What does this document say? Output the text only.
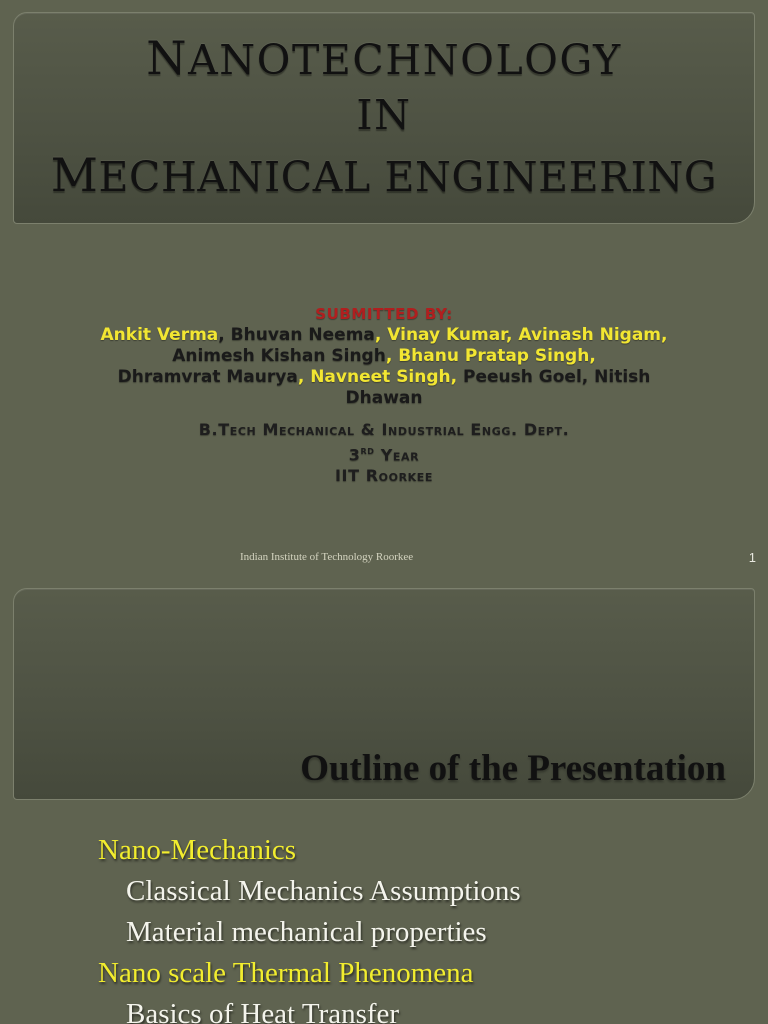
NANOTECHNOLOGY
IN
MECHANICAL ENGINEERING
SUBMITTED BY:
Ankit Verma, Bhuvan Neema, Vinay Kumar, Avinash Nigam, Animesh Kishan Singh, Bhanu Pratap Singh,
Dhramvrat Maurya, Navneet Singh, Peeush Goel, Nitish Dhawan
B.Tech Mechanical & Industrial Engg. Dept.
3rd Year
IIT Roorkee
Indian Institute of Technology Roorkee	1
Outline of the Presentation
Nano-Mechanics
Classical Mechanics Assumptions
Material mechanical properties
Nano scale Thermal Phenomena
Basics of Heat Transfer
